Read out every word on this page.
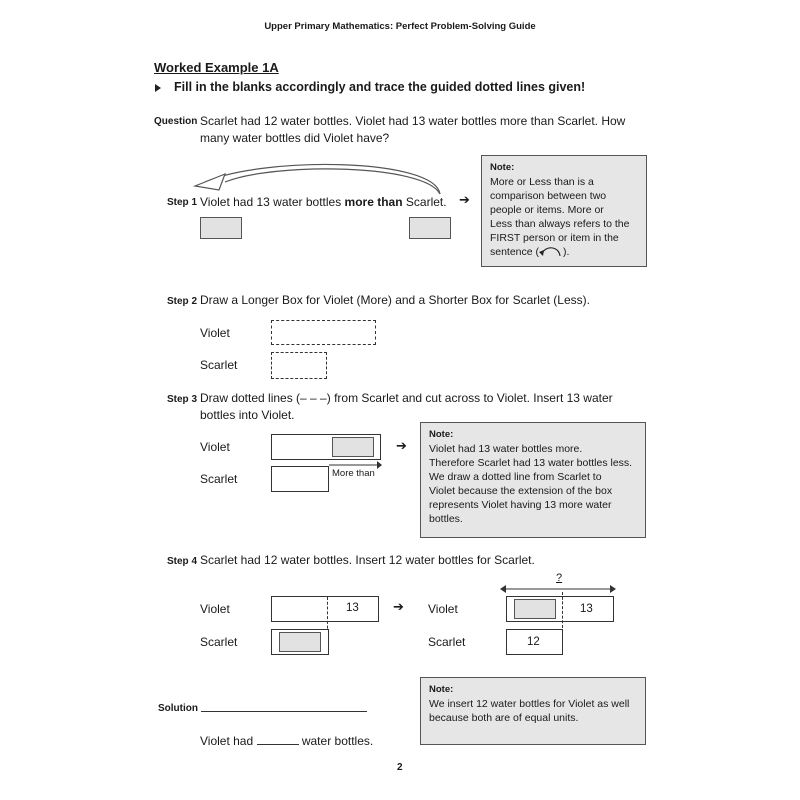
Upper Primary Mathematics: Perfect Problem-Solving Guide
Worked Example 1A
Fill in the blanks accordingly and trace the guided dotted lines given!
Question Scarlet had 12 water bottles. Violet had 13 water bottles more than Scarlet. How
many water bottles did Violet have?
Step 1 Violet had 13 water bottles more than Scarlet. ➔
Note:
More or Less than is a
comparison between two
people or items. More or
Less than always refers to the
FIRST person or item in the
sentence ( ).
Step 2 Draw a Longer Box for Violet (More) and a Shorter Box for Scarlet (Less).
Violet
Scarlet
Step 3 Draw dotted lines (– – –) from Scarlet and cut across to Violet. Insert 13 water
bottles into Violet.
Violet
Scarlet	More than
➔
Note:
Violet had 13 water bottles more.
Therefore Scarlet had 13 water bottles less.
We draw a dotted line from Scarlet to
Violet because the extension of the box
represents Violet having 13 more water
bottles.
Step 4 Scarlet had 12 water bottles. Insert 12 water bottles for Scarlet.
Violet	13
Scarlet
➔ Violet
Scarlet
?
13
12
Solution
Violet had	water bottles.
Note:
We insert 12 water bottles for Violet as well
because both are of equal units.
2
